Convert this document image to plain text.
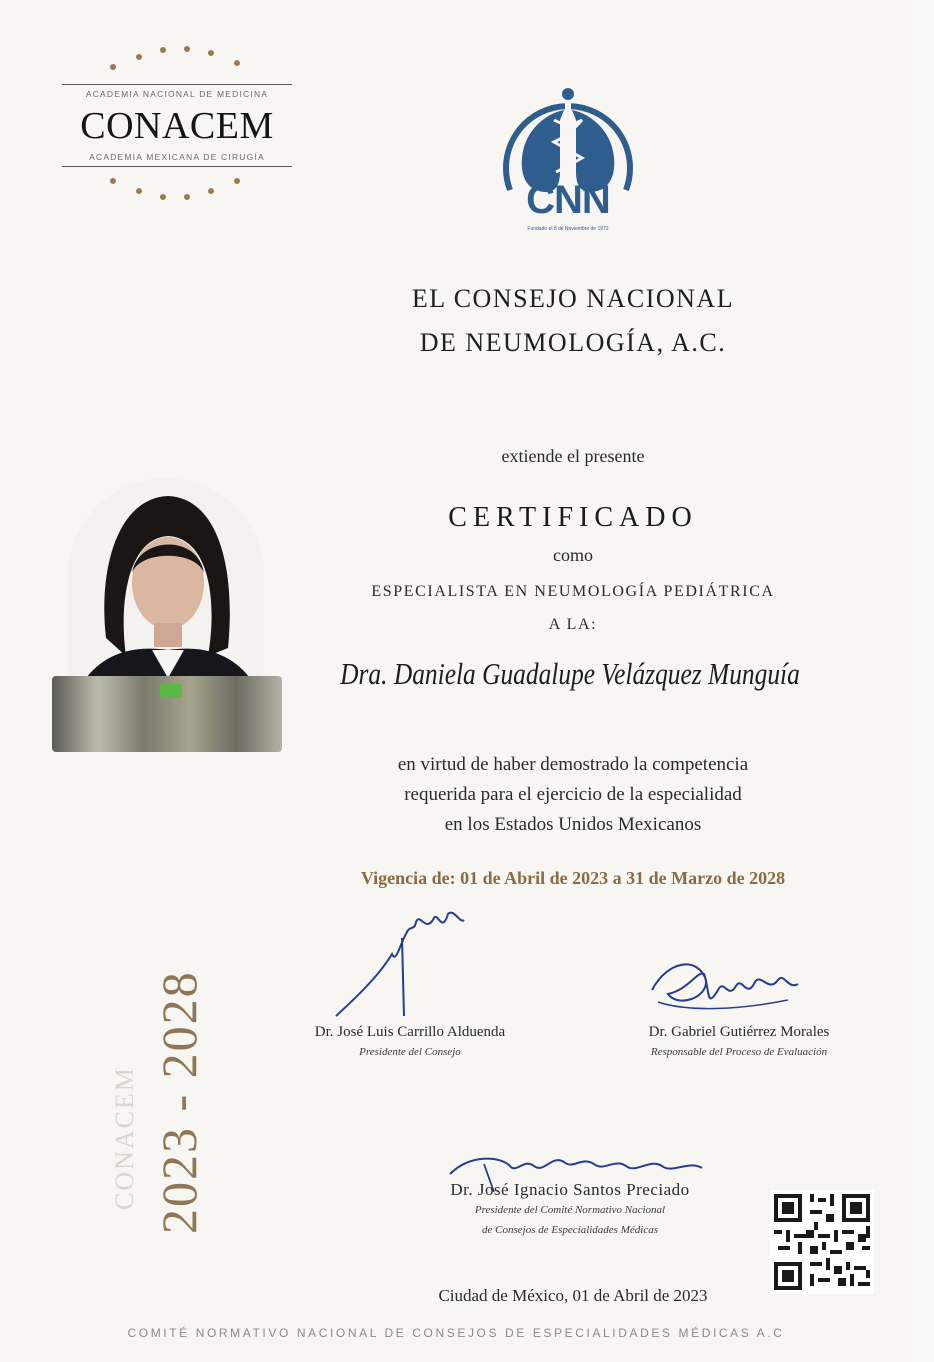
ACADEMIA NACIONAL DE MEDICINA
CONACEM
ACADEMIA MEXICANA DE CIRUGÍA
CNN
Fundado el 8 de Noviembre de 1972
EL CONSEJO NACIONAL
DE NEUMOLOGÍA, A.C.
extiende el presente
CERTIFICADO
como
ESPECIALISTA EN NEUMOLOGÍA PEDIÁTRICA
A LA:
Dra. Daniela Guadalupe Velázquez Munguía
en virtud de haber demostrado la competencia
requerida para el ejercicio de la especialidad
en los Estados Unidos Mexicanos
Vigencia de: 01 de Abril de 2023 a 31 de Marzo de 2028
CONACEM 2023 - 2028	Dr. José Luis Carrillo Alduenda
Presidente del Consejo
Dr. Gabriel Gutiérrez Morales
Responsable del Proceso de Evaluación
Dr. José Ignacio Santos Preciado
Presidente del Comité Normativo Nacional
de Consejos de Especialidades Médicas
Ciudad de México, 01 de Abril de 2023
COMITÉ NORMATIVO NACIONAL DE CONSEJOS DE ESPECIALIDADES MÉDICAS A.C
